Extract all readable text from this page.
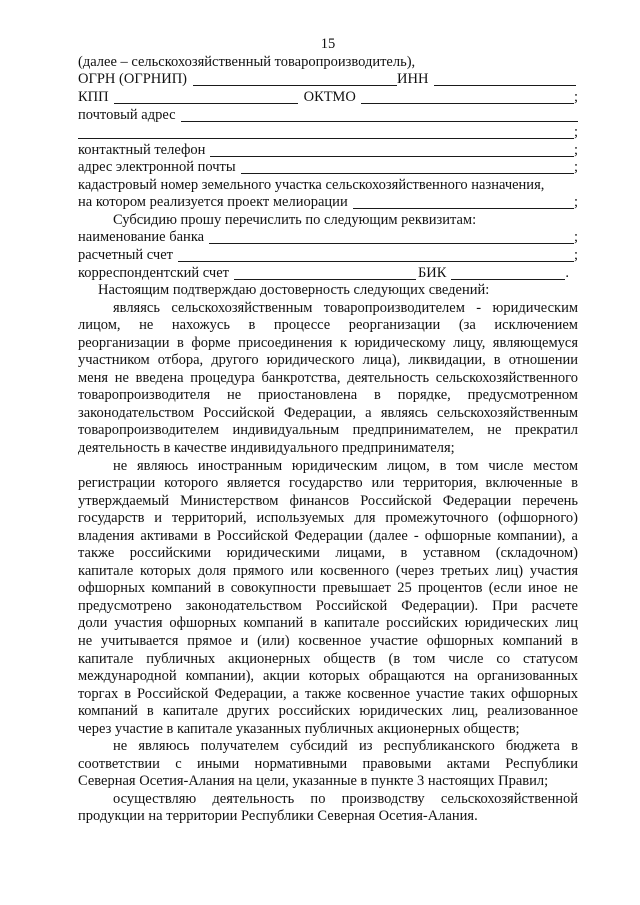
15
(далее – сельскохозяйственный товаропроизводитель),
ОГРН (ОГРНИП)	ИНН
КПП	ОКТМО	;
почтовый адрес
;
контактный телефон	;
адрес электронной почты	;
кадастровый номер земельного участка сельскохозяйственного назначения,
на котором реализуется проект мелиорации	;
Субсидию прошу перечислить по следующим реквизитам:
наименование банка	;
расчетный счет	;
корреспондентский счет	БИК	.
Настоящим подтверждаю достоверность следующих сведений:
являясь сельскохозяйственным товаропроизводителем - юридическим
лицом, не нахожусь в процессе реорганизации (за исключением
реорганизации в форме присоединения к юридическому лицу, являющемуся
участником отбора, другого юридического лица), ликвидации, в отношении
меня не введена процедура банкротства, деятельность сельскохозяйственного
товаропроизводителя не приостановлена в порядке, предусмотренном
законодательством Российской Федерации, а являясь сельскохозяйственным
товаропроизводителем индивидуальным предпринимателем, не прекратил
деятельность в качестве индивидуального предпринимателя;
не являюсь иностранным юридическим лицом, в том числе местом
регистрации которого является государство или территория, включенные в
утверждаемый Министерством финансов Российской Федерации перечень
государств и территорий, используемых для промежуточного (офшорного)
владения активами в Российской Федерации (далее - офшорные компании), а
также российскими юридическими лицами, в уставном (складочном)
капитале которых доля прямого или косвенного (через третьих лиц) участия
офшорных компаний в совокупности превышает 25 процентов (если иное не
предусмотрено законодательством Российской Федерации). При расчете
доли участия офшорных компаний в капитале российских юридических лиц
не учитывается прямое и (или) косвенное участие офшорных компаний в
капитале публичных акционерных обществ (в том числе со статусом
международной компании), акции которых обращаются на организованных
торгах в Российской Федерации, а также косвенное участие таких офшорных
компаний в капитале других российских юридических лиц, реализованное
через участие в капитале указанных публичных акционерных обществ;
не являюсь получателем субсидий из республиканского бюджета в
соответствии с иными нормативными правовыми актами Республики
Северная Осетия-Алания на цели, указанные в пункте 3 настоящих Правил;
осуществляю деятельность по производству сельскохозяйственной
продукции на территории Республики Северная Осетия-Алания.
